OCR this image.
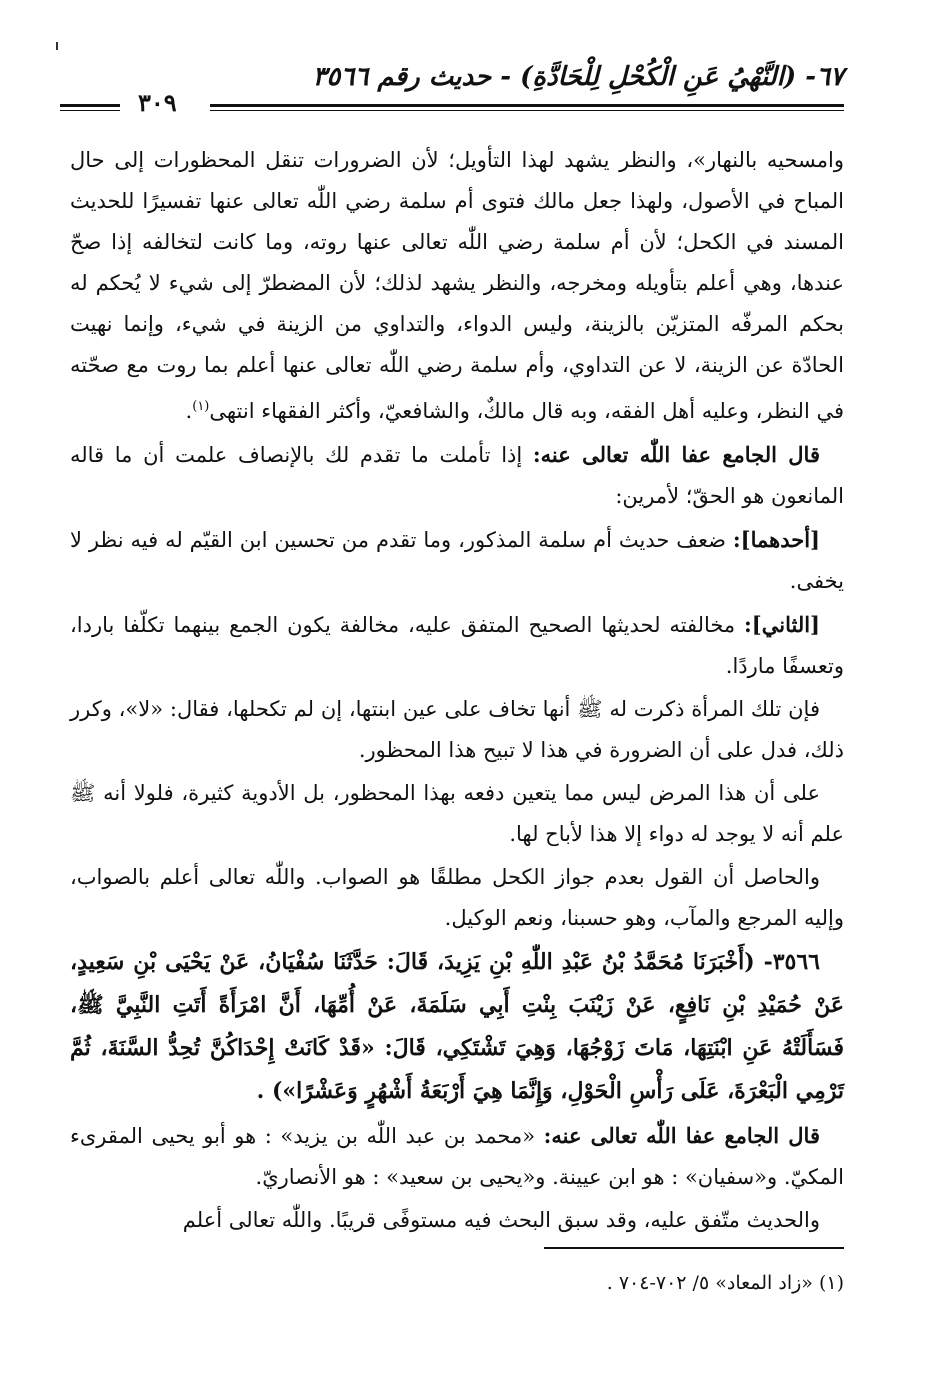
٦٧- (النَّهْيُ عَنِ الْكُحْلِ لِلْحَادَّةِ) - حديث رقم ٣٥٦٦
٣٠٩

وامسحيه بالنهار»، والنظر يشهد لهذا التأويل؛ لأن الضرورات تنقل المحظورات إلى حال المباح في الأصول، ولهذا جعل مالك فتوى أم سلمة رضي اللّٰه تعالى عنها تفسيرًا للحديث المسند في الكحل؛ لأن أم سلمة رضي اللّٰه تعالى عنها روته، وما كانت لتخالفه إذا صحّ عندها، وهي أعلم بتأويله ومخرجه، والنظر يشهد لذلك؛ لأن المضطرّ إلى شيء لا يُحكم له بحكم المرفّه المتزيّن بالزينة، وليس الدواء، والتداوي من الزينة في شيء، وإنما نهيت الحادّة عن الزينة، لا عن التداوي، وأم سلمة رضي اللّٰه تعالى عنها أعلم بما روت مع صحّته في النظر، وعليه أهل الفقه، وبه قال مالكٌ، والشافعيّ، وأكثر الفقهاء انتهى$^{(١)}$.

قال الجامع عفا اللّٰه تعالى عنه: إذا تأملت ما تقدم لك بالإنصاف علمت أن ما قاله المانعون هو الحقّ؛ لأمرين:

[أحدهما]: ضعف حديث أم سلمة المذكور، وما تقدم من تحسين ابن القيّم له فيه نظر لا يخفى.

[الثاني]: مخالفته لحديثها الصحيح المتفق عليه، مخالفة يكون الجمع بينهما تكلّفا باردا، وتعسفًا ماردًا.

فإن تلك المرأة ذكرت له ﷺ أنها تخاف على عين ابنتها، إن لم تكحلها، فقال: «لا»، وكرر ذلك، فدل على أن الضرورة في هذا لا تبيح هذا المحظور.

على أن هذا المرض ليس مما يتعين دفعه بهذا المحظور، بل الأدوية كثيرة، فلولا أنه ﷺ علم أنه لا يوجد له دواء إلا هذا لأباح لها.

والحاصل أن القول بعدم جواز الكحل مطلقًا هو الصواب. واللّٰه تعالى أعلم بالصواب، وإليه المرجع والمآب، وهو حسبنا، ونعم الوكيل.

٣٥٦٦- (أَخْبَرَنَا مُحَمَّدُ بْنُ عَبْدِ اللّٰهِ بْنِ يَزِيدَ، قَالَ: حَدَّثَنَا سُفْيَانُ، عَنْ يَحْيَى بْنِ سَعِيدٍ، عَنْ حُمَيْدِ بْنِ نَافِعٍ، عَنْ زَيْنَبَ بِنْتِ أَبِي سَلَمَةَ، عَنْ أُمِّهَا، أَنَّ امْرَأَةً أَتَتِ النَّبِيَّ ﷺ، فَسَأَلَتْهُ عَنِ ابْنَتِهَا، مَاتَ زَوْجُهَا، وَهِيَ تَشْتَكِي، قَالَ: «قَدْ كَانَتْ إِحْدَاكُنَّ تُحِدُّ السَّنَةَ، ثُمَّ تَرْمِي الْبَعْرَةَ، عَلَى رَأْسِ الْحَوْلِ، وَإِنَّمَا هِيَ أَرْبَعَةُ أَشْهُرٍ وَعَشْرًا») .

قال الجامع عفا اللّٰه تعالى عنه: «محمد بن عبد اللّٰه بن يزيد» : هو أبو يحيى المقرىء المكيّ. و«سفيان» : هو ابن عيينة. و«يحيى بن سعيد» : هو الأنصاريّ.

والحديث متّفق عليه، وقد سبق البحث فيه مستوفًى قريبًا. واللّٰه تعالى أعلم

(١) «زاد المعاد» ٥/ ٧٠٢-٧٠٤ .
